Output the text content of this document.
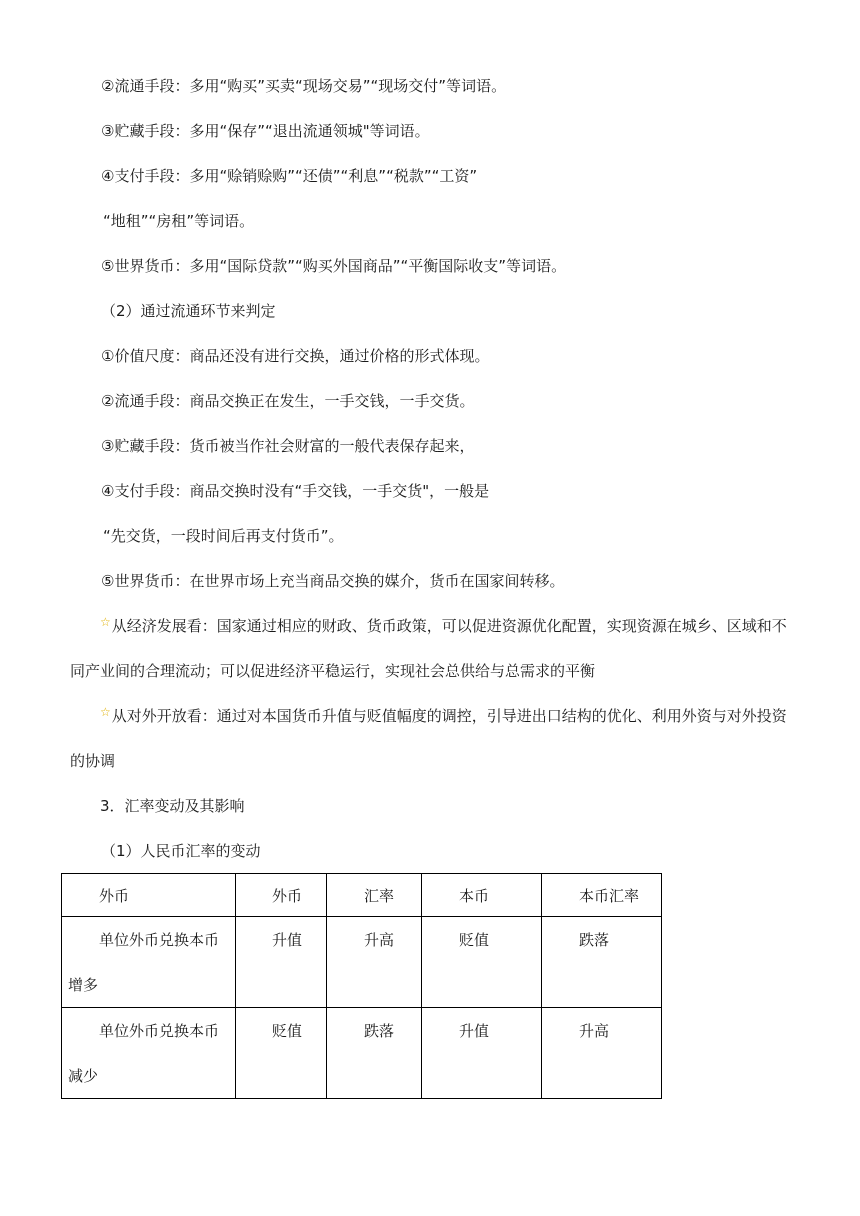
②流通手段：多用“购买”买卖“现场交易”“现场交付”等词语。
③贮藏手段：多用“保存”“退出流通领城"等词语。
④支付手段：多用“赊销赊购”“还债”“利息”“税款”“工资”
“地租”“房租”等词语。
⑤世界货币：多用“国际贷款”“购买外国商品”“平衡国际收支”等词语。
（2）通过流通环节来判定
①价值尺度：商品还没有进行交换，通过价格的形式体现。
②流通手段：商品交换正在发生，一手交钱，一手交货。
③贮藏手段：货币被当作社会财富的一般代表保存起来，
④支付手段：商品交换时没有“手交钱，一手交货"，一般是
“先交货，一段时间后再支付货币”。
⑤世界货币：在世界市场上充当商品交换的媒介，货币在国家间转移。
☆从经济发展看：国家通过相应的财政、货币政策，可以促进资源优化配置，实现资源在城乡、区域和不
同产业间的合理流动；可以促进经济平稳运行，实现社会总供给与总需求的平衡
☆从对外开放看：通过对本国货币升值与贬值幅度的调控，引导进出口结构的优化、利用外资与对外投资
的协调
3．汇率变动及其影响
（1）人民币汇率的变动
外币	外币	汇率	本币	本币汇率

单位外币兑换本币
增多	升值	升高	贬值	跌落

单位外币兑换本币
减少	贬值	跌落	升值	升高
